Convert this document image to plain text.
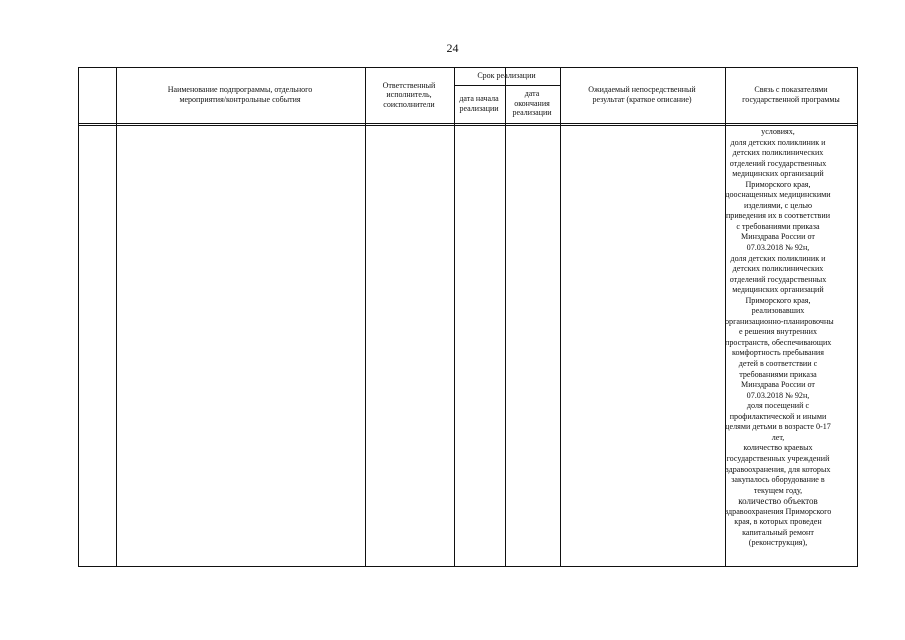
24
Наименование подпрограммы, отдельного
мероприятия/контрольные события
Ответственный
исполнитель,
соисполнители
Срок реализации
дата начала
реализации
дата
окончания
реализации
Ожидаемый непосредственный
результат (краткое описание)
Связь с показателями
государственной программы
условиях,
доля детских поликлиник и
детских поликлинических
отделений государственных
медицинских организаций
Приморского края,
дооснащенных медицинскими
изделиями, с целью
приведения их в соответствии
с требованиями приказа
Минздрава России от
07.03.2018 № 92н,
доля детских поликлиник и
детских поликлинических
отделений государственных
медицинских организаций
Приморского края,
реализовавших
организационно-планировочны
е решения внутренних
пространств, обеспечивающих
комфортность пребывания
детей в соответствии с
требованиями приказа
Минздрава России от
07.03.2018 № 92н,
доля посещений с
профилактической и иными
целями детьми в возрасте 0-17
лет,
количество краевых
государственных учреждений
здравоохранения, для которых
закупалось оборудование в
текущем году,
количество объектов
здравоохранения Приморского
края, в которых проведен
капитальный ремонт
(реконструкция),
